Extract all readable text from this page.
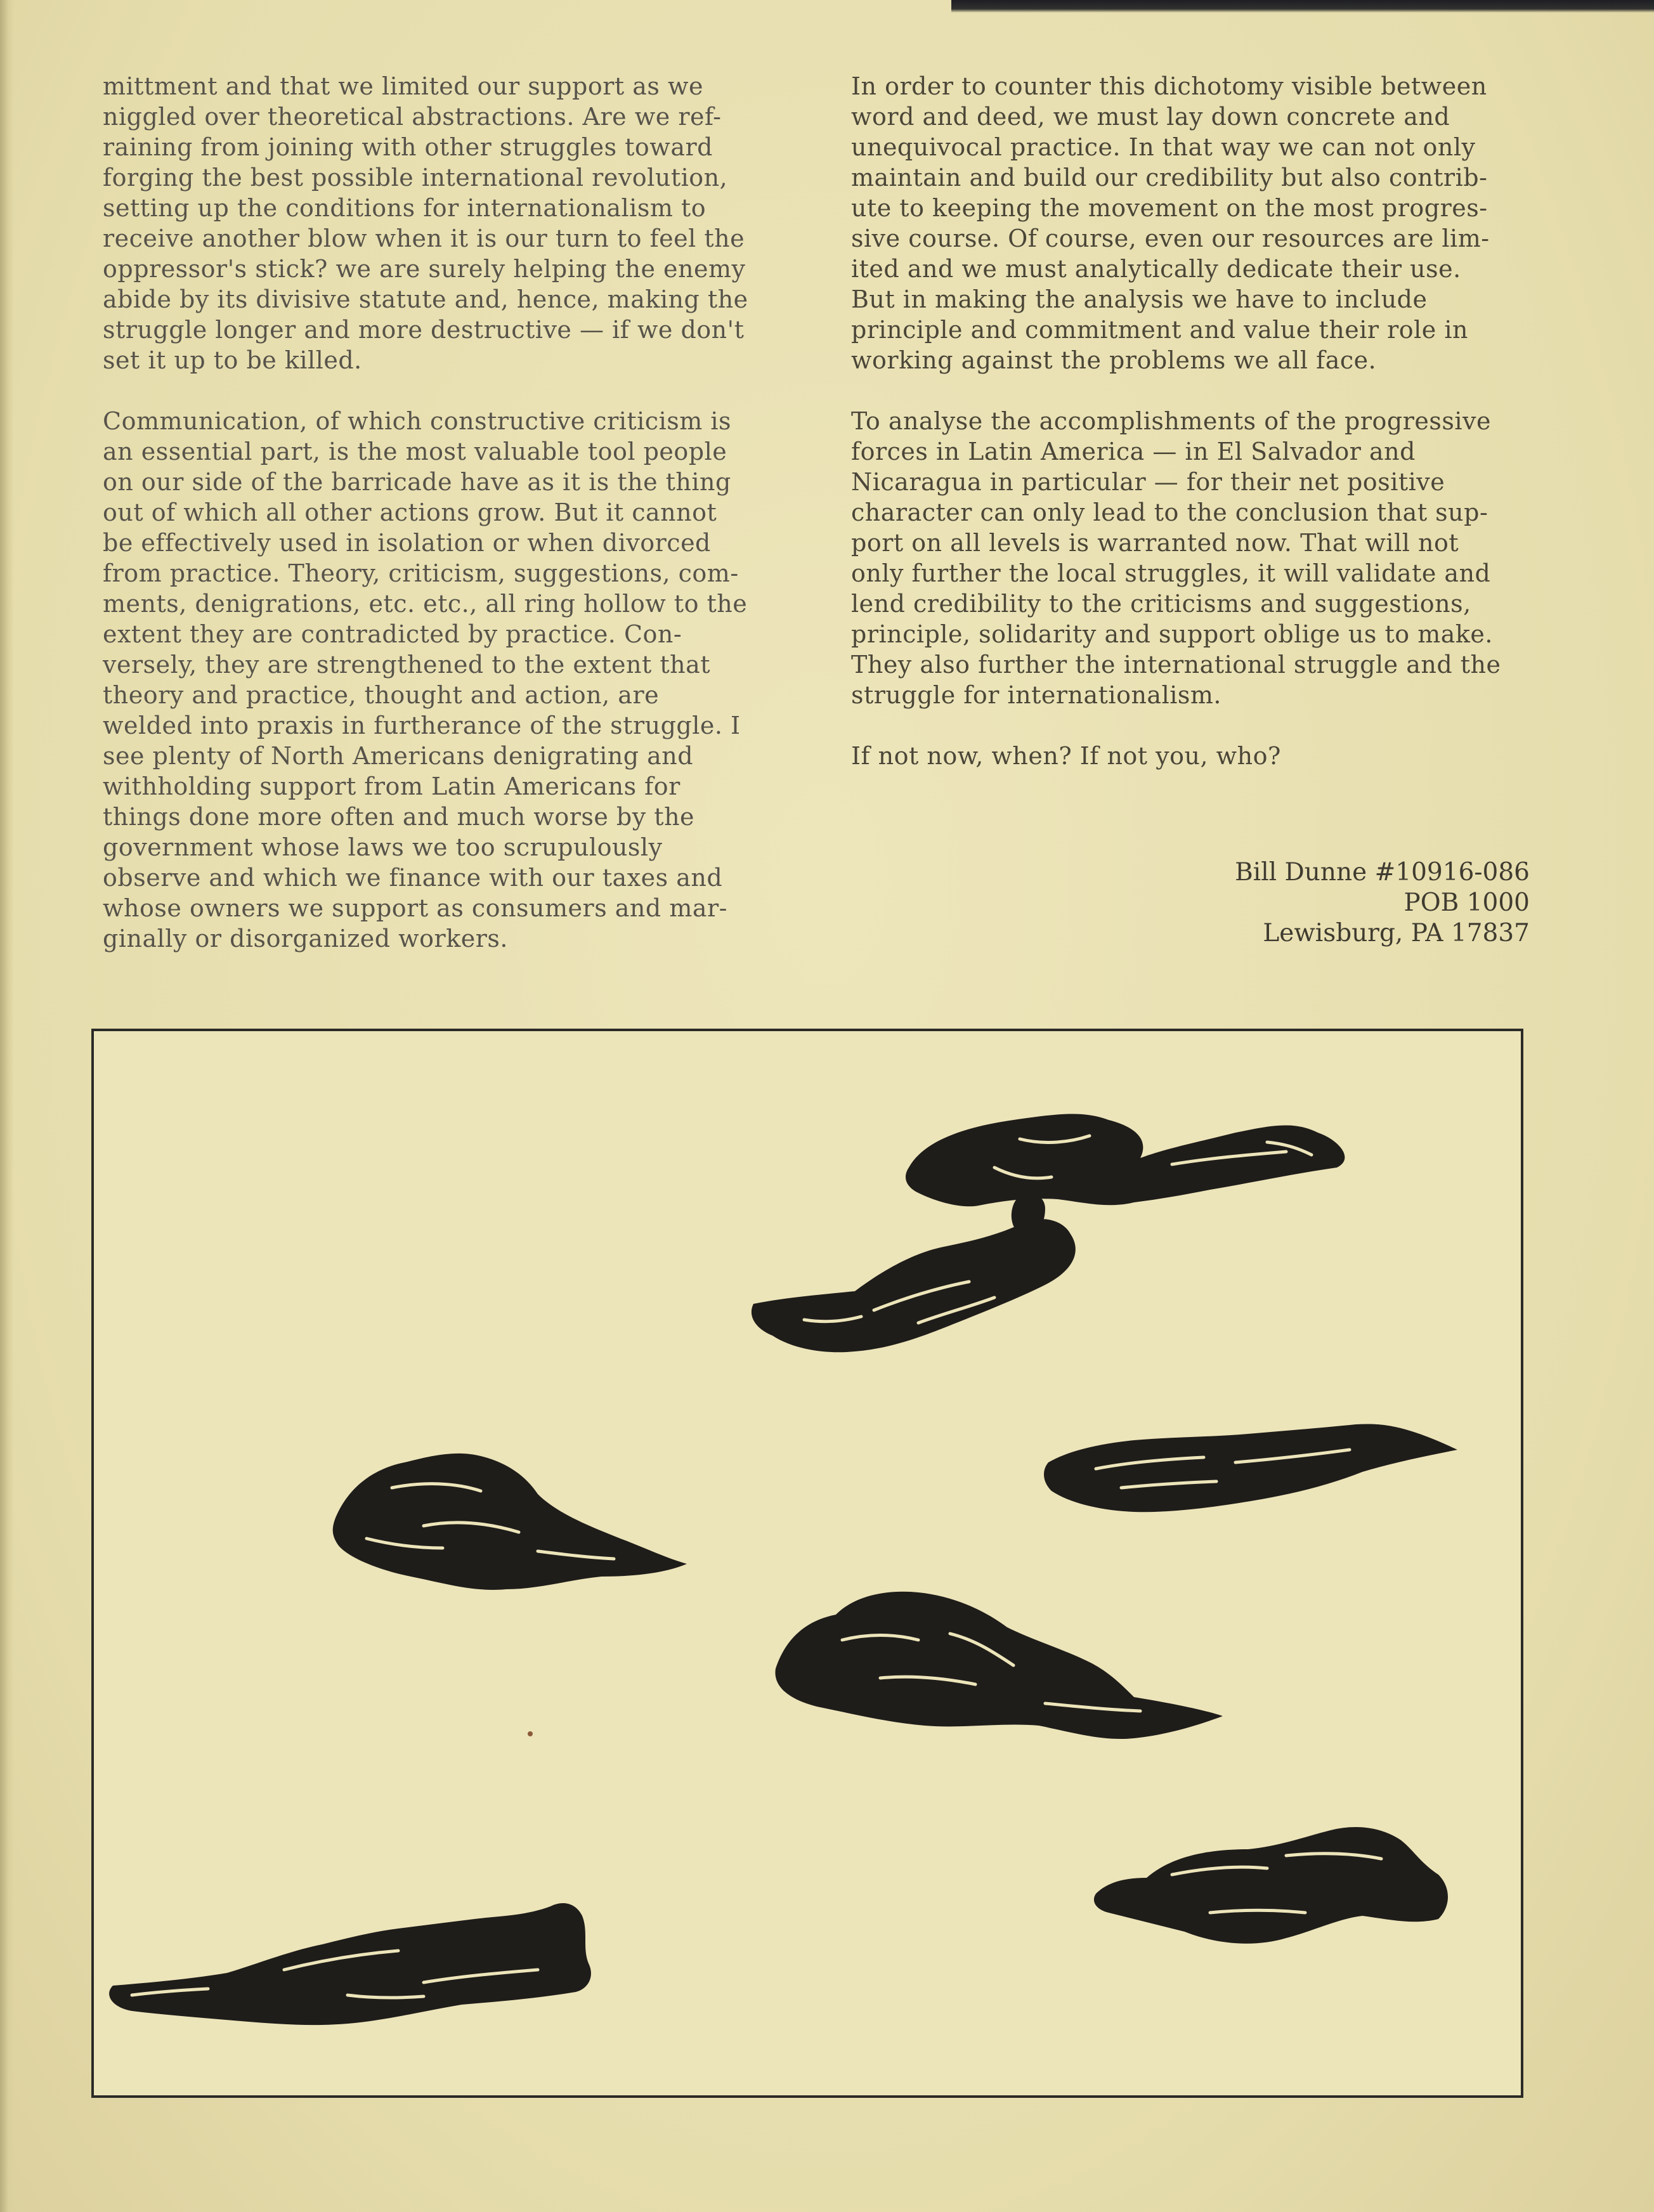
mittment and that we limited our support as we
niggled over theoretical abstractions. Are we ref-
raining from joining with other struggles toward
forging the best possible international revolution,
setting up the conditions for internationalism to
receive another blow when it is our turn to feel the
oppressor's stick? we are surely helping the enemy
abide by its divisive statute and, hence, making the
struggle longer and more destructive — if we don't
set it up to be killed.

Communication, of which constructive criticism is
an essential part, is the most valuable tool people
on our side of the barricade have as it is the thing
out of which all other actions grow. But it cannot
be effectively used in isolation or when divorced
from practice. Theory, criticism, suggestions, com-
ments, denigrations, etc. etc., all ring hollow to the
extent they are contradicted by practice. Con-
versely, they are strengthened to the extent that
theory and practice, thought and action, are
welded into praxis in furtherance of the struggle. I
see plenty of North Americans denigrating and
withholding support from Latin Americans for
things done more often and much worse by the
government whose laws we too scrupulously
observe and which we finance with our taxes and
whose owners we support as consumers and mar-
ginally or disorganized workers.

In order to counter this dichotomy visible between
word and deed, we must lay down concrete and
unequivocal practice. In that way we can not only
maintain and build our credibility but also contrib-
ute to keeping the movement on the most progres-
sive course. Of course, even our resources are lim-
ited and we must analytically dedicate their use.
But in making the analysis we have to include
principle and commitment and value their role in
working against the problems we all face.

To analyse the accomplishments of the progressive
forces in Latin America — in El Salvador and
Nicaragua in particular — for their net positive
character can only lead to the conclusion that sup-
port on all levels is warranted now. That will not
only further the local struggles, it will validate and
lend credibility to the criticisms and suggestions,
principle, solidarity and support oblige us to make.
They also further the international struggle and the
struggle for internationalism.

If not now, when? If not you, who?

Bill Dunne #10916-086
POB 1000
Lewisburg, PA 17837
